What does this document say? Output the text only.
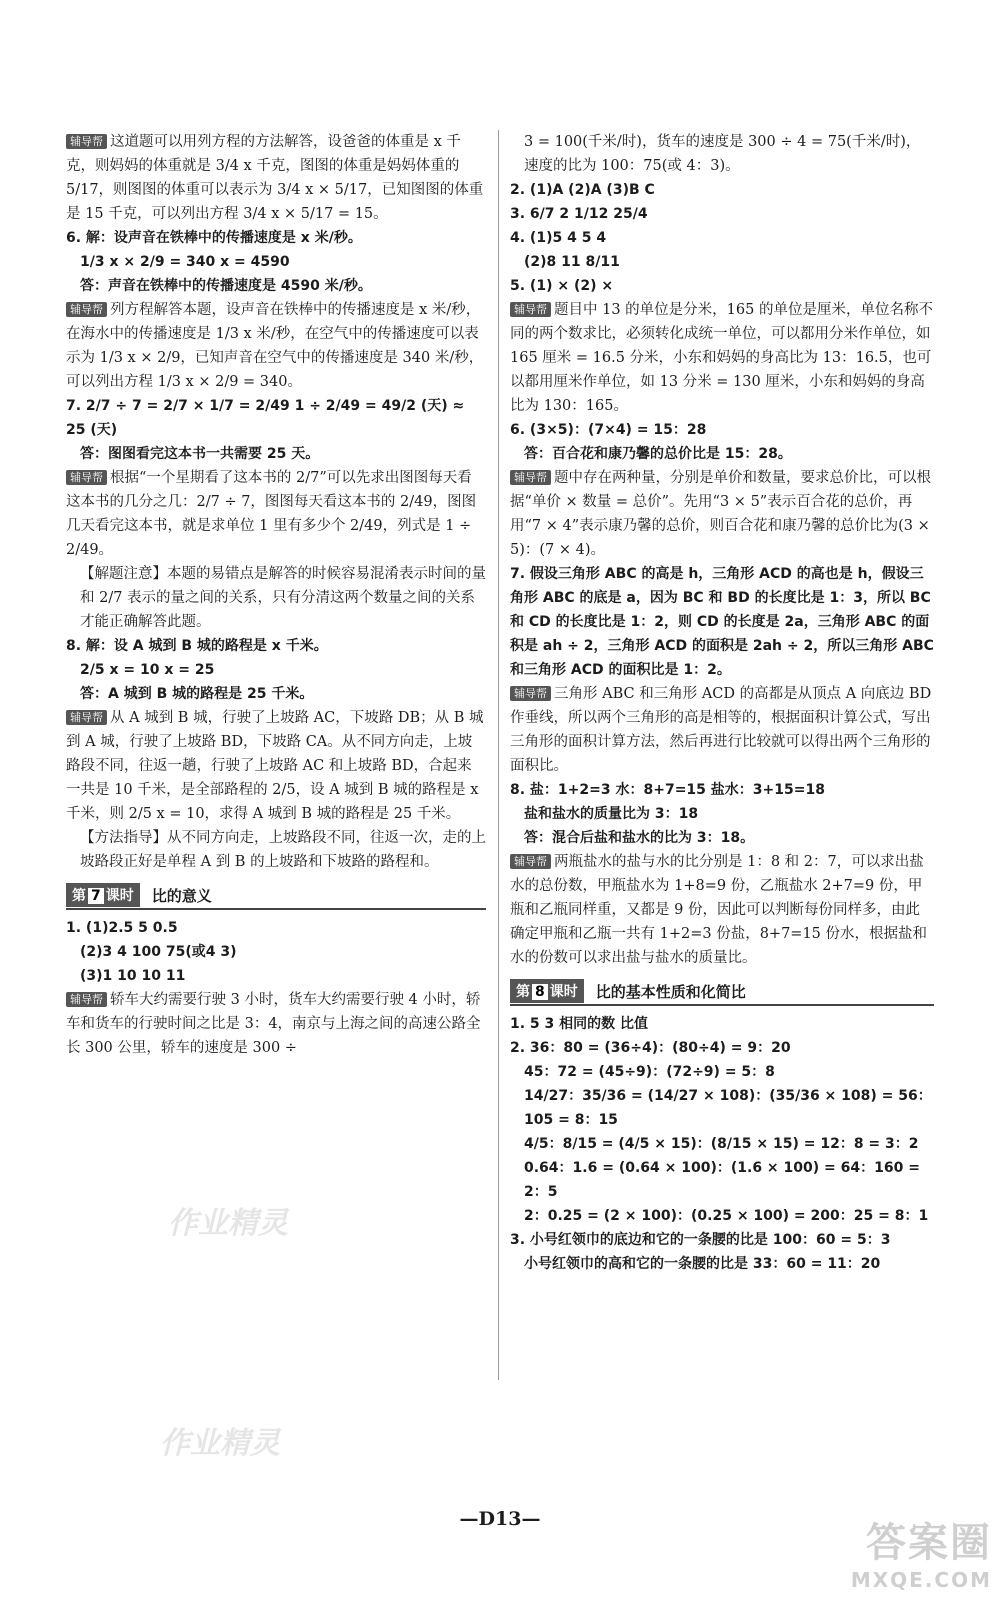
辅导帮 这道题可以用列方程的方法解答，设爸爸的体重是 x 千克，则妈妈的体重就是 3/4 x 千克，图图的体重是妈妈体重的 5/17，则图图的体重可以表示为 3/4 x × 5/17，已知图图的体重是 15 千克，可以列出方程 3/4 x × 5/17 = 15。

6. 解：设声音在铁棒中的传播速度是 x 米/秒。

1/3 x × 2/9 = 340 x = 4590

答：声音在铁棒中的传播速度是 4590 米/秒。

辅导帮 列方程解答本题，设声音在铁棒中的传播速度是 x 米/秒，在海水中的传播速度是 1/3 x 米/秒，在空气中的传播速度可以表示为 1/3 x × 2/9，已知声音在空气中的传播速度是 340 米/秒，可以列出方程 1/3 x × 2/9 = 340。

7. 2/7 ÷ 7 = 2/7 × 1/7 = 2/49 1 ÷ 2/49 = 49/2 (天) ≈ 25 (天)

答：图图看完这本书一共需要 25 天。

辅导帮 根据“一个星期看了这本书的 2/7”可以先求出图图每天看这本书的几分之几：2/7 ÷ 7，图图每天看这本书的 2/49，图图几天看完这本书，就是求单位 1 里有多少个 2/49，列式是 1 ÷ 2/49。

【解题注意】本题的易错点是解答的时候容易混淆表示时间的量和 2/7 表示的量之间的关系，只有分清这两个数量之间的关系才能正确解答此题。

8. 解：设 A 城到 B 城的路程是 x 千米。

2/5 x = 10 x = 25

答：A 城到 B 城的路程是 25 千米。

辅导帮 从 A 城到 B 城，行驶了上坡路 AC，下坡路 DB；从 B 城到 A 城，行驶了上坡路 BD，下坡路 CA。从不同方向走，上坡路段不同，往返一趟，行驶了上坡路 AC 和上坡路 BD，合起来一共是 10 千米，是全部路程的 2/5，设 A 城到 B 城的路程是 x 千米，则 2/5 x = 10，求得 A 城到 B 城的路程是 25 千米。

【方法指导】从不同方向走，上坡路段不同，往返一次，走的上坡路段正好是单程 A 到 B 的上坡路和下坡路的路程和。

第 7 课时	比的意义

1. (1)2.5 5 0.5

(2)3 4 100 75(或4 3)

(3)1 10 10 11

辅导帮 轿车大约需要行驶 3 小时，货车大约需要行驶 4 小时，轿车和货车的行驶时间之比是 3：4，南京与上海之间的高速公路全长 300 公里，轿车的速度是 300 ÷

3 = 100(千米/时)，货车的速度是 300 ÷ 4 = 75(千米/时)，速度的比为 100：75(或 4：3)。

2. (1)A (2)A (3)B C

3. 6/7 2 1/12 25/4

4. (1)5 4 5 4

(2)8 11 8/11

5. (1) × (2) ×

辅导帮 题目中 13 的单位是分米，165 的单位是厘米，单位名称不同的两个数求比，必须转化成统一单位，可以都用分米作单位，如 165 厘米 = 16.5 分米，小东和妈妈的身高比为 13：16.5，也可以都用厘米作单位，如 13 分米 = 130 厘米，小东和妈妈的身高比为 130：165。

6. (3×5)：(7×4) = 15：28

答：百合花和康乃馨的总价比是 15：28。

辅导帮 题中存在两种量，分别是单价和数量，要求总价比，可以根据“单价 × 数量 = 总价”。先用“3 × 5”表示百合花的总价，再用“7 × 4”表示康乃馨的总价，则百合花和康乃馨的总价比为(3 × 5)：(7 × 4)。

7. 假设三角形 ABC 的高是 h，三角形 ACD 的高也是 h，假设三角形 ABC 的底是 a，因为 BC 和 BD 的长度比是 1：3，所以 BC 和 CD 的长度比是 1：2，则 CD 的长度是 2a，三角形 ABC 的面积是 ah ÷ 2，三角形 ACD 的面积是 2ah ÷ 2，所以三角形 ABC 和三角形 ACD 的面积比是 1：2。

辅导帮 三角形 ABC 和三角形 ACD 的高都是从顶点 A 向底边 BD 作垂线，所以两个三角形的高是相等的，根据面积计算公式，写出三角形的面积计算方法，然后再进行比较就可以得出两个三角形的面积比。

8. 盐：1+2=3 水：8+7=15 盐水：3+15=18

盐和盐水的质量比为 3：18

答：混合后盐和盐水的比为 3：18。

辅导帮 两瓶盐水的盐与水的比分别是 1：8 和 2：7，可以求出盐水的总份数，甲瓶盐水为 1+8=9 份，乙瓶盐水 2+7=9 份，甲瓶和乙瓶同样重，又都是 9 份，因此可以判断每份同样多，由此确定甲瓶和乙瓶一共有 1+2=3 份盐，8+7=15 份水，根据盐和水的份数可以求出盐与盐水的质量比。

第 8 课时	比的基本性质和化简比

1. 5 3 相同的数 比值

2. 36：80 = (36÷4)：(80÷4) = 9：20

45：72 = (45÷9)：(72÷9) = 5：8

14/27：35/36 = (14/27 × 108)：(35/36 × 108) = 56：105 = 8：15

4/5：8/15 = (4/5 × 15)：(8/15 × 15) = 12：8 = 3：2

0.64：1.6 = (0.64 × 100)：(1.6 × 100) = 64：160 = 2：5

2：0.25 = (2 × 100)：(0.25 × 100) = 200：25 = 8：1

3. 小号红领巾的底边和它的一条腰的比是 100：60 = 5：3

小号红领巾的高和它的一条腰的比是 33：60 = 11：20

作业精灵
作业精灵
—D13—
答案圈
MXQE.COM
